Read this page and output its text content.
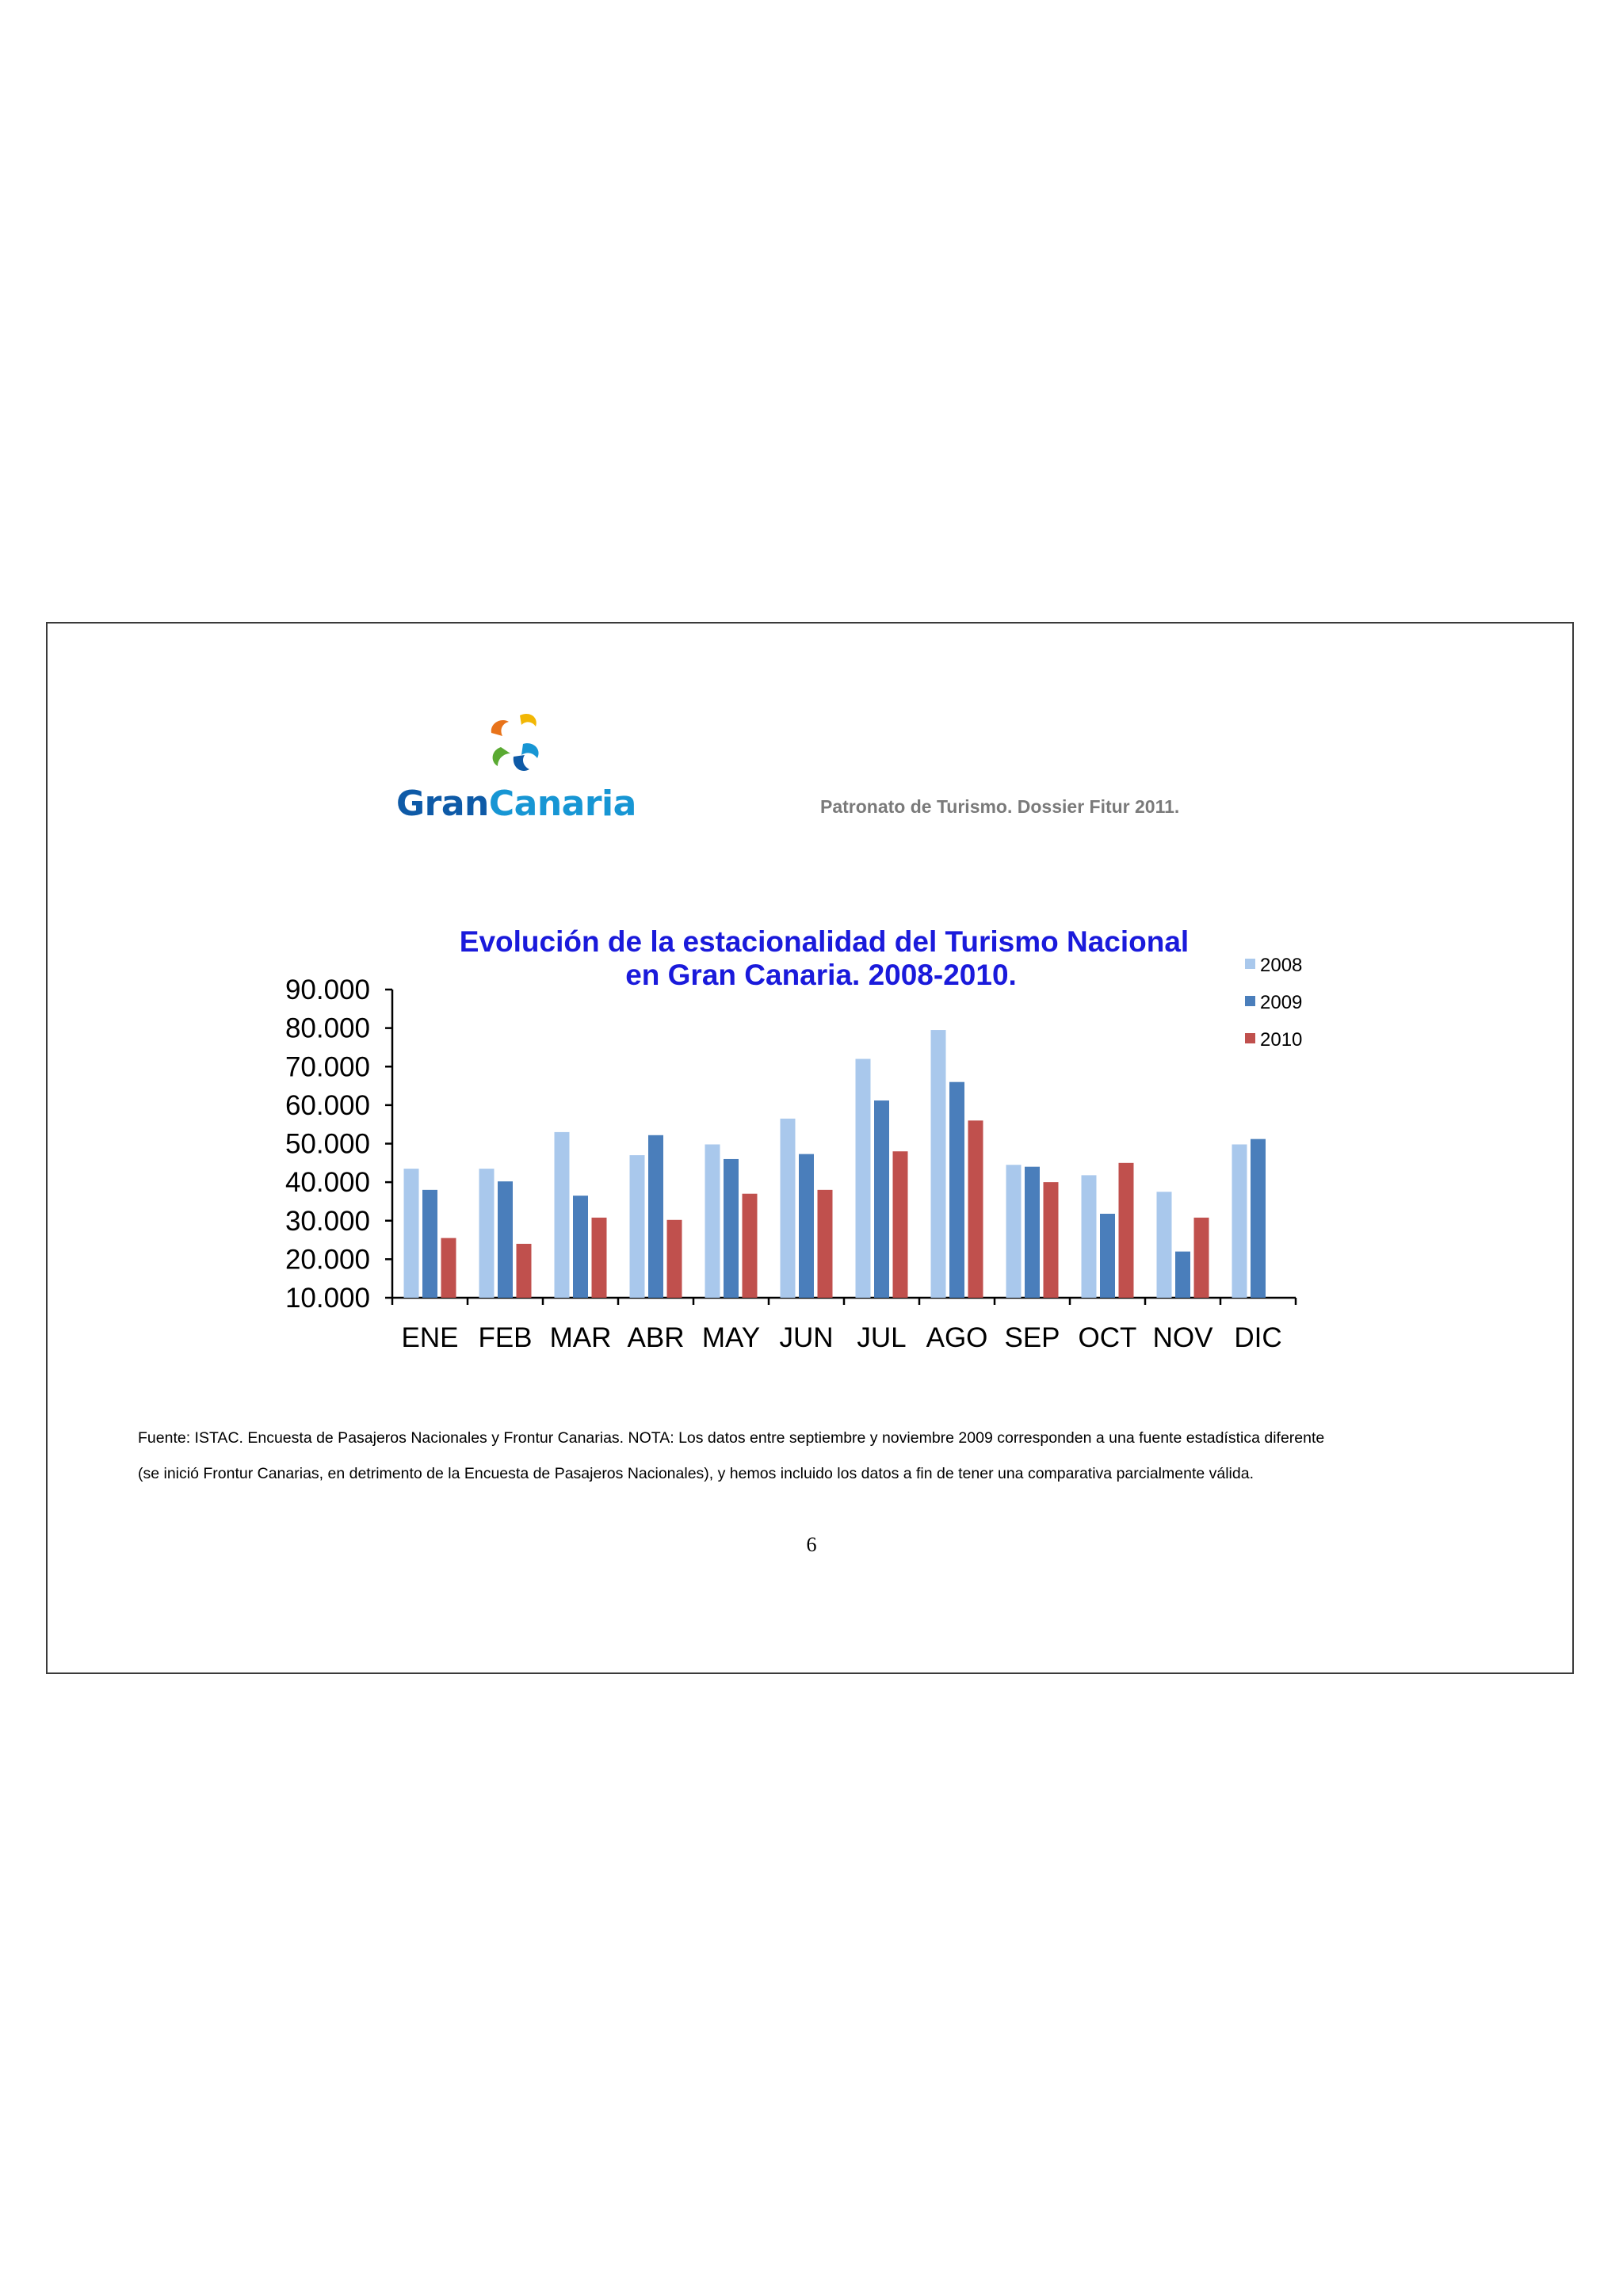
GranCanaria	Patronato de Turismo. Dossier Fitur 2011.
Evolución de la estacionalidad del Turismo Nacional
en Gran Canaria. 2008-2010.
10.000
20.000
30.000
40.000
50.000
60.000
70.000
80.000
90.000
ENE FEB MAR ABR MAY JUN JUL AGO SEP OCT NOV DIC
2008
2009
2010

Fuente: ISTAC. Encuesta de Pasajeros Nacionales y Frontur Canarias. NOTA: Los datos entre septiembre y noviembre 2009 corresponden a una fuente estadística diferente

(se inició Frontur Canarias, en detrimento de la Encuesta de Pasajeros Nacionales), y hemos incluido los datos a fin de tener una comparativa parcialmente válida.

6
